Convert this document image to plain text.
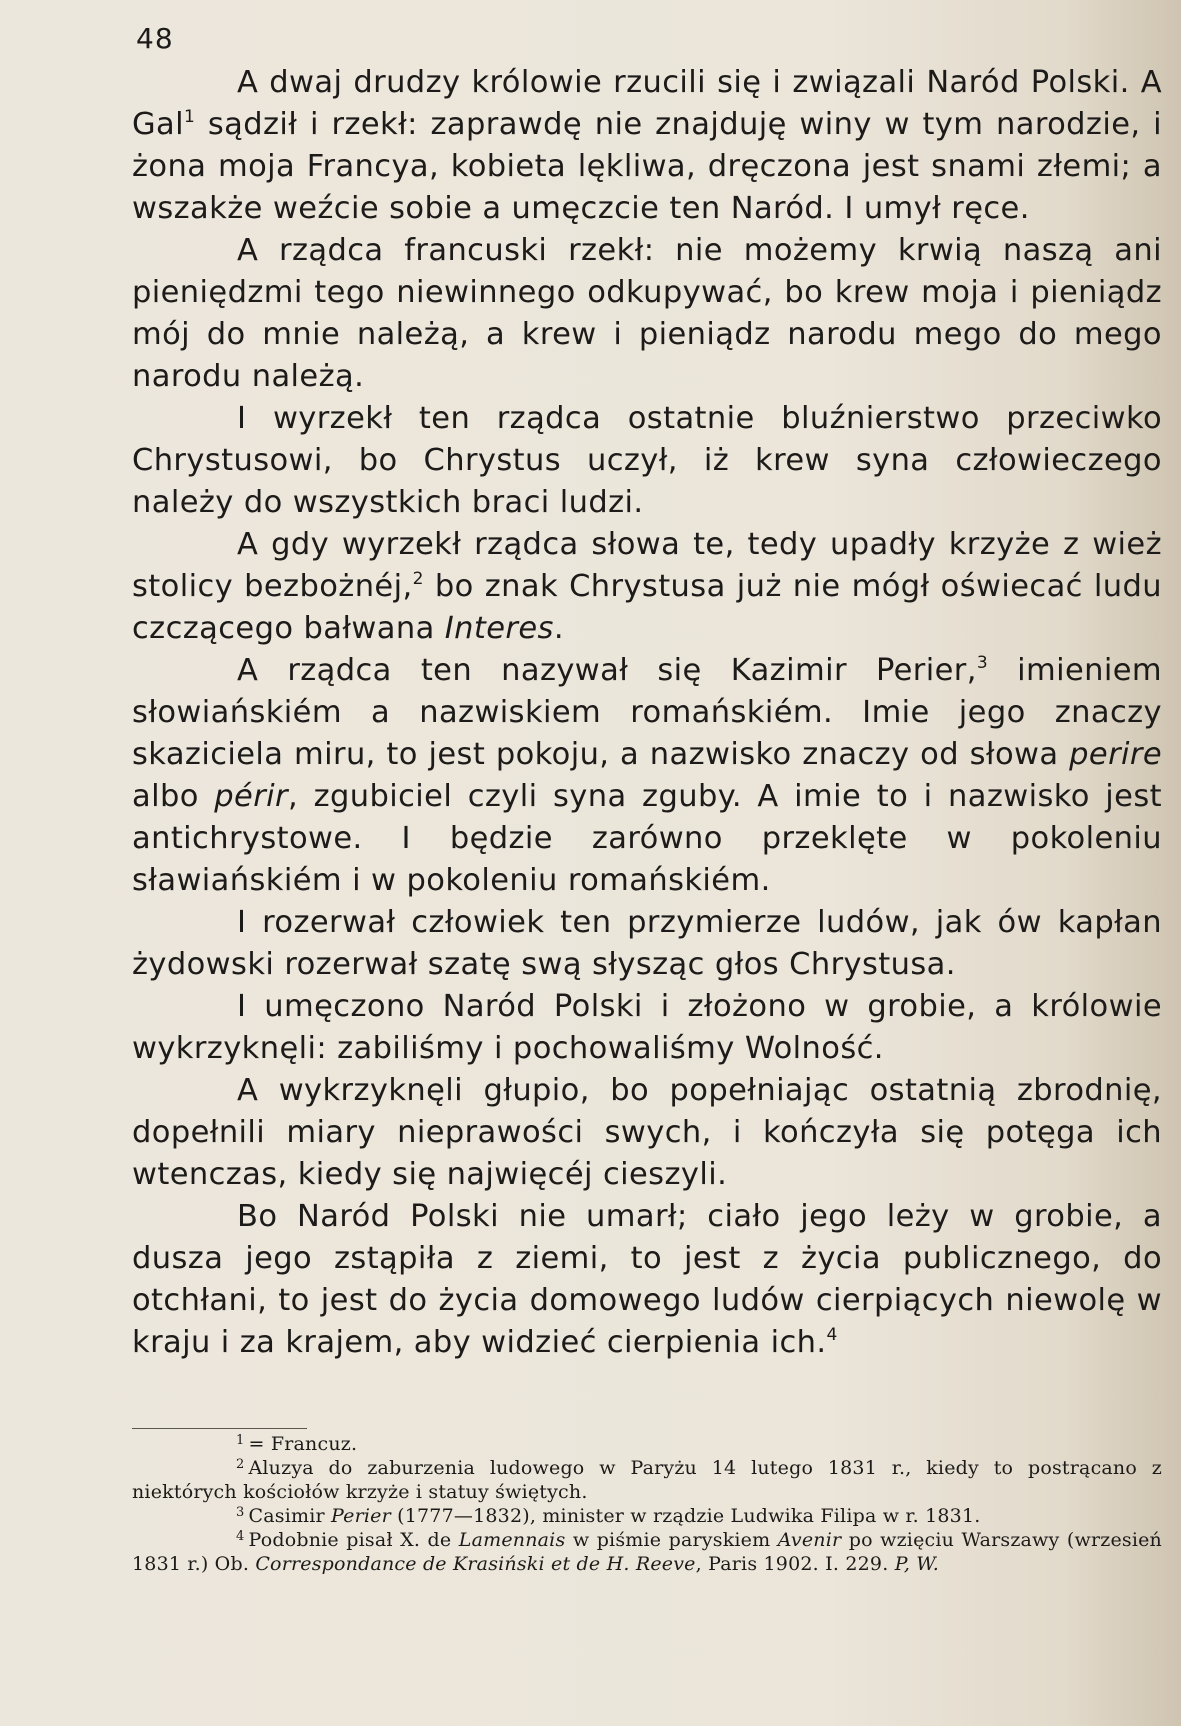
48

A dwaj drudzy królowie rzucili się i związali Naród Polski. A Gal$^1$ sądził i rzekł: zaprawdę nie znajduję winy w tym narodzie, i żona moja Francya, kobieta lękliwa, dręczona jest snami złemi; a wszakże weźcie sobie a umęczcie ten Naród. I umył ręce.

A rządca francuski rzekł: nie możemy krwią naszą ani pieniędzmi tego niewinnego odkupywać, bo krew moja i pieniądz mój do mnie należą, a krew i pieniądz narodu mego do mego narodu należą.

I wyrzekł ten rządca ostatnie bluźnierstwo przeciwko Chrystusowi, bo Chrystus uczył, iż krew syna człowieczego należy do wszystkich braci ludzi.

A gdy wyrzekł rządca słowa te, tedy upadły krzyże z wież stolicy bezbożnéj,$^2$ bo znak Chrystusa już nie mógł oświecać ludu czczącego bałwana Interes.

A rządca ten nazywał się Kazimir Perier,$^3$ imieniem słowiańskiém a nazwiskiem romańskiém. Imie jego znaczy skaziciela miru, to jest pokoju, a nazwisko znaczy od słowa perire albo périr, zgubiciel czyli syna zguby. A imie to i nazwisko jest antichrystowe. I będzie zarówno przeklęte w pokoleniu sławiańskiém i w pokoleniu romańskiém.

I rozerwał człowiek ten przymierze ludów, jak ów kapłan żydowski rozerwał szatę swą słysząc głos Chrystusa.

I umęczono Naród Polski i złożono w grobie, a królowie wykrzyknęli: zabiliśmy i pochowaliśmy Wolność.

A wykrzyknęli głupio, bo popełniając ostatnią zbrodnię, dopełnili miary nieprawości swych, i kończyła się potęga ich wtenczas, kiedy się najwięcéj cieszyli.

Bo Naród Polski nie umarł; ciało jego leży w grobie, a dusza jego zstąpiła z ziemi, to jest z życia publicznego, do otchłani, to jest do życia domowego ludów cierpiących niewolę w kraju i za krajem, aby widzieć cierpienia ich.$^4$

$^1$ = Francuz.

$^2$ Aluzya do zaburzenia ludowego w Paryżu 14 lutego 1831 r., kiedy to postrącano z niektórych kościołów krzyże i statuy świętych.

$^3$ Casimir Perier (1777—1832), minister w rządzie Ludwika Filipa w r. 1831.

$^4$ Podobnie pisał X. de Lamennais w piśmie paryskiem Avenir po wzięciu Warszawy (wrzesień 1831 r.) Ob. Correspondance de Krasiński et de H. Reeve, Paris 1902. I. 229. P, W.
